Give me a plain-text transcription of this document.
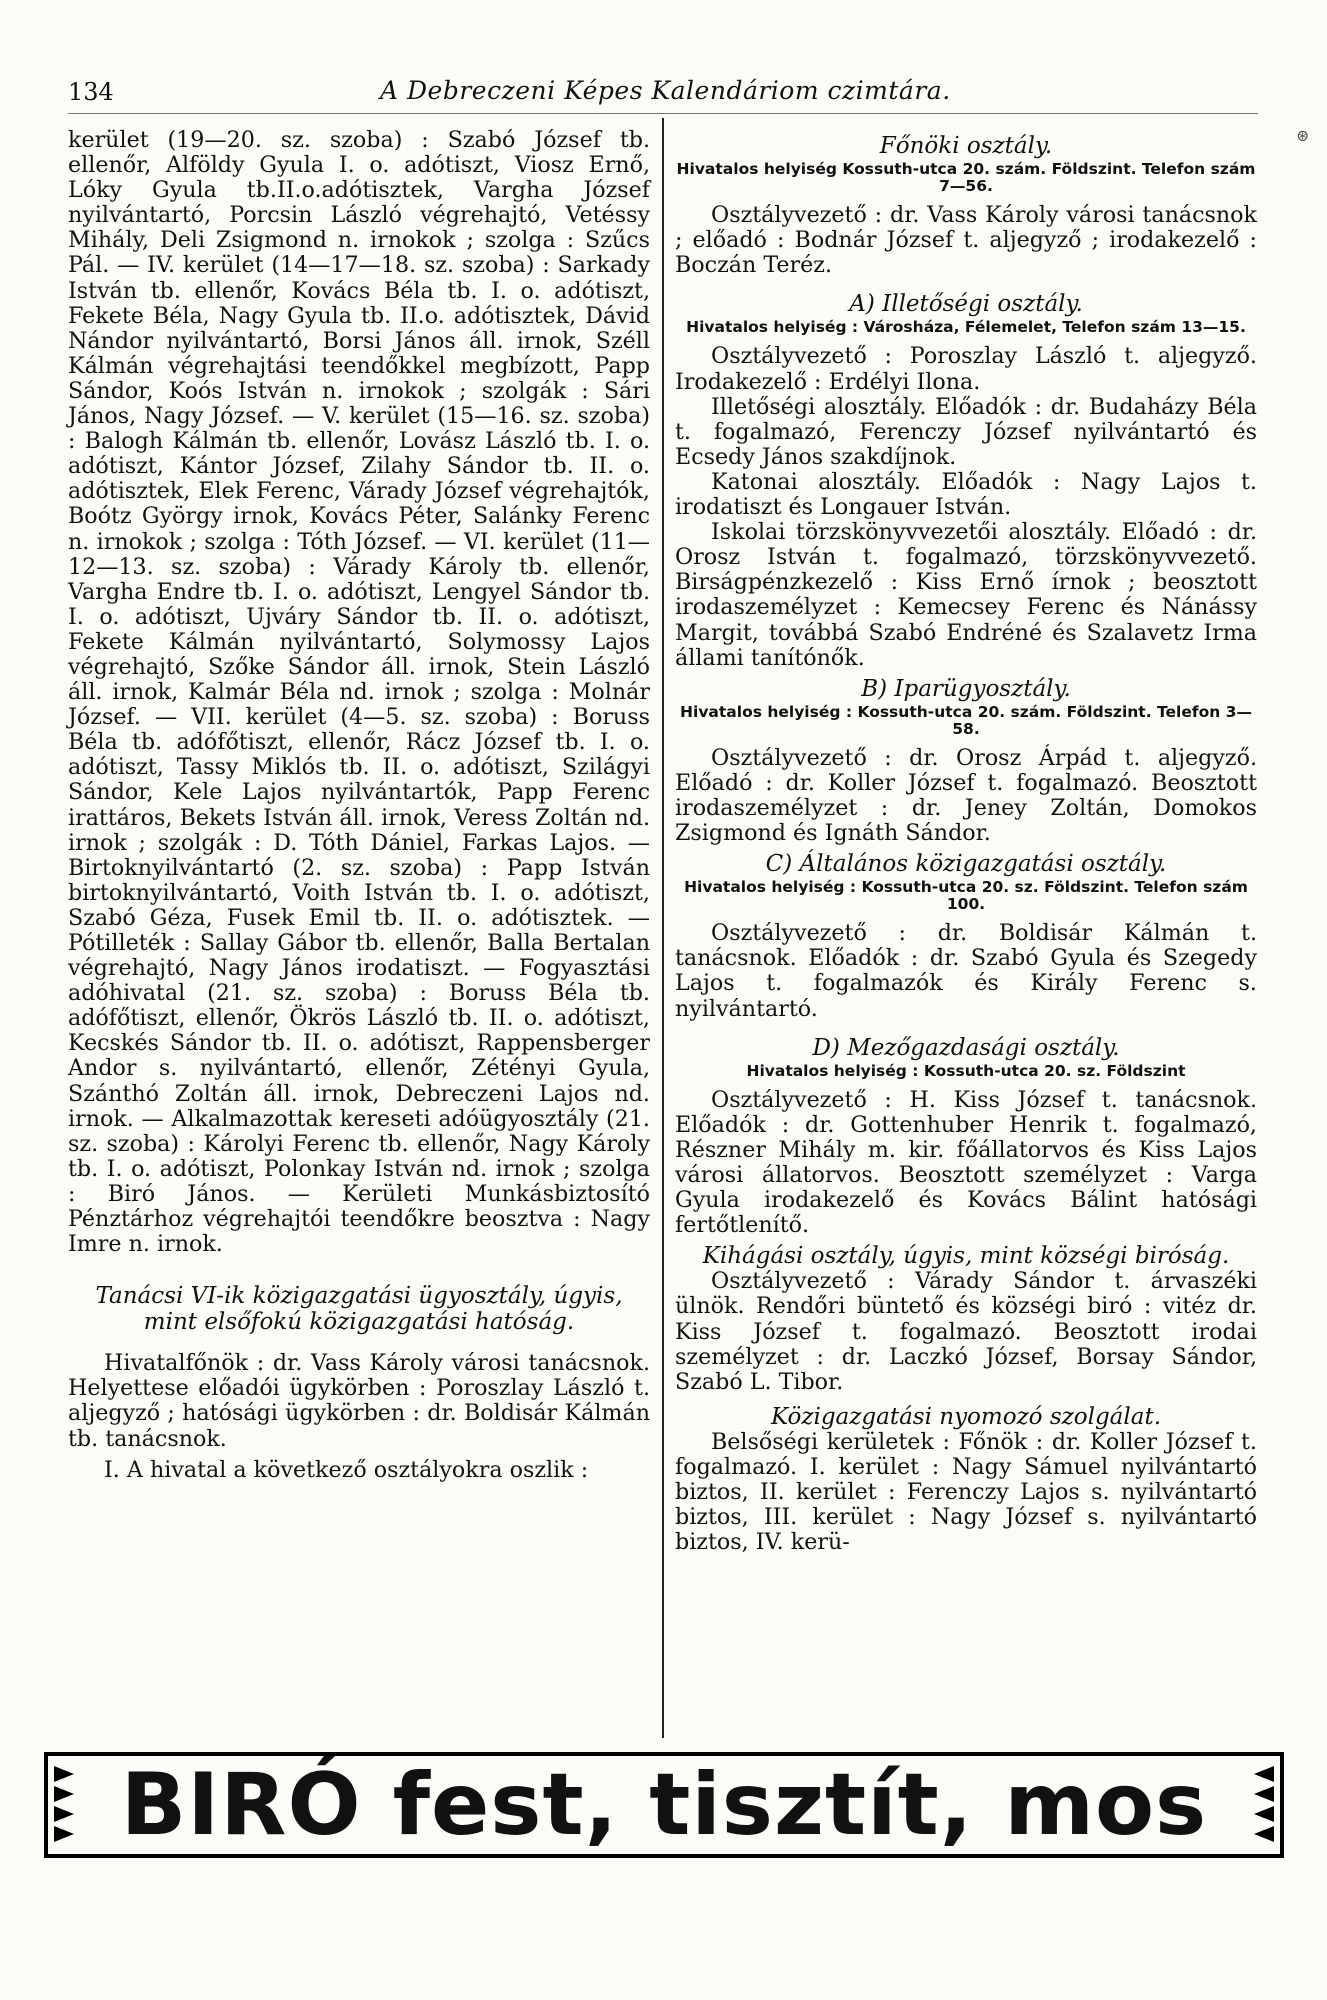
134	A Debreczeni Képes Kalendáriom czimtára.
⊛

kerület (19—20. sz. szoba) : Szabó József tb. ellenőr, Alföldy Gyula I. o. adótiszt, Viosz Ernő, Lóky Gyula tb.II.o.adótisztek, Vargha József nyilvántartó, Porcsin László végrehajtó, Vetéssy Mihály, Deli Zsigmond n. irnokok ; szolga : Szűcs Pál. — IV. kerület (14—17—18. sz. szoba) : Sarkady István tb. ellenőr, Kovács Béla tb. I. o. adótiszt, Fekete Béla, Nagy Gyula tb. II.o. adótisztek, Dávid Nándor nyilvántartó, Borsi János áll. irnok, Széll Kálmán végrehajtási teendőkkel megbízott, Papp Sándor, Koós István n. irnokok ; szolgák : Sári János, Nagy József. — V. kerület (15—16. sz. szoba) : Balogh Kálmán tb. ellenőr, Lovász László tb. I. o. adótiszt, Kántor József, Zilahy Sándor tb. II. o. adótisztek, Elek Ferenc, Várady József végrehajtók, Boótz György irnok, Kovács Péter, Salánky Ferenc n. irnokok ; szolga : Tóth József. — VI. kerület (11—12—13. sz. szoba) : Várady Károly tb. ellenőr, Vargha Endre tb. I. o. adótiszt, Lengyel Sándor tb. I. o. adótiszt, Ujváry Sándor tb. II. o. adótiszt, Fekete Kálmán nyilvántartó, Solymossy Lajos végrehajtó, Szőke Sándor áll. irnok, Stein László áll. irnok, Kalmár Béla nd. irnok ; szolga : Molnár József. — VII. kerület (4—5. sz. szoba) : Boruss Béla tb. adófőtiszt, ellenőr, Rácz József tb. I. o. adótiszt, Tassy Miklós tb. II. o. adótiszt, Szilágyi Sándor, Kele Lajos nyilvántartók, Papp Ferenc irattáros, Bekets István áll. irnok, Veress Zoltán nd. irnok ; szolgák : D. Tóth Dániel, Farkas Lajos. — Birtoknyilvántartó (2. sz. szoba) : Papp István birtoknyilvántartó, Voith István tb. I. o. adótiszt, Szabó Géza, Fusek Emil tb. II. o. adótisztek. — Pótilleték : Sallay Gábor tb. ellenőr, Balla Bertalan végrehajtó, Nagy János irodatiszt. — Fogyasztási adóhivatal (21. sz. szoba) : Boruss Béla tb. adófőtiszt, ellenőr, Ökrös László tb. II. o. adótiszt, Kecskés Sándor tb. II. o. adótiszt, Rappensberger Andor s. nyilvántartó, ellenőr, Zétényi Gyula, Szánthó Zoltán áll. irnok, Debreczeni Lajos nd. irnok. — Alkalmazottak kereseti adóügyosztály (21. sz. szoba) : Károlyi Ferenc tb. ellenőr, Nagy Károly tb. I. o. adótiszt, Polonkay István nd. irnok ; szolga : Biró János. — Kerületi Munkásbiztosító Pénztárhoz végrehajtói teendőkre beosztva : Nagy Imre n. irnok.

Tanácsi VI-ik közigazgatási ügyosztály, úgyis, mint elsőfokú közigazgatási hatóság.

Hivatalfőnök : dr. Vass Károly városi tanácsnok. Helyettese előadói ügykörben : Poroszlay László t. aljegyző ; hatósági ügykörben : dr. Boldisár Kálmán tb. tanácsnok.

I. A hivatal a következő osztályokra oszlik :

Főnöki osztály.
Hivatalos helyiség Kossuth-utca 20. szám. Földszint. Telefon szám 7—56.

Osztályvezető : dr. Vass Károly városi tanácsnok ; előadó : Bodnár József t. aljegyző ; irodakezelő : Boczán Teréz.

A) Illetőségi osztály.
Hivatalos helyiség : Városháza, Félemelet, Telefon szám 13—15.

Osztályvezető : Poroszlay László t. aljegyző. Irodakezelő : Erdélyi Ilona.

Illetőségi alosztály. Előadók : dr. Budaházy Béla t. fogalmazó, Ferenczy József nyilvántartó és Ecsedy János szakdíjnok.

Katonai alosztály. Előadók : Nagy Lajos t. irodatiszt és Longauer István.

Iskolai törzskönyvvezetői alosztály. Előadó : dr. Orosz István t. fogalmazó, törzskönyvvezető. Birságpénzkezelő : Kiss Ernő írnok ; beosztott irodaszemélyzet : Kemecsey Ferenc és Nánássy Margit, továbbá Szabó Endréné és Szalavetz Irma állami tanítónők.

B) Iparügyosztály.
Hivatalos helyiség : Kossuth-utca 20. szám. Földszint. Telefon 3—58.

Osztályvezető : dr. Orosz Árpád t. aljegyző. Előadó : dr. Koller József t. fogalmazó. Beosztott irodaszemélyzet : dr. Jeney Zoltán, Domokos Zsigmond és Ignáth Sándor.

C) Általános közigazgatási osztály.
Hivatalos helyiség : Kossuth-utca 20. sz. Földszint. Telefon szám 100.

Osztályvezető : dr. Boldisár Kálmán t. tanácsnok. Előadók : dr. Szabó Gyula és Szegedy Lajos t. fogalmazók és Király Ferenc s. nyilvántartó.

D) Mezőgazdasági osztály.
Hivatalos helyiség : Kossuth-utca 20. sz. Földszint

Osztályvezető : H. Kiss József t. tanácsnok. Előadók : dr. Gottenhuber Henrik t. fogalmazó, Részner Mihály m. kir. főállatorvos és Kiss Lajos városi állatorvos. Beosztott személyzet : Varga Gyula irodakezelő és Kovács Bálint hatósági fertőtlenítő.

Kihágási osztály, úgyis, mint községi biróság.

Osztályvezető : Várady Sándor t. árvaszéki ülnök. Rendőri büntető és községi biró : vitéz dr. Kiss József t. fogalmazó. Beosztott irodai személyzet : dr. Laczkó József, Borsay Sándor, Szabó L. Tibor.

Közigazgatási nyomozó szolgálat.

Belsőségi kerületek : Főnök : dr. Koller József t. fogalmazó. I. kerület : Nagy Sámuel nyilvántartó biztos, II. kerület : Ferenczy Lajos s. nyilvántartó biztos, III. kerület : Nagy József s. nyilvántartó biztos, IV. kerü-

BIRÓ fest, tisztít, mos
